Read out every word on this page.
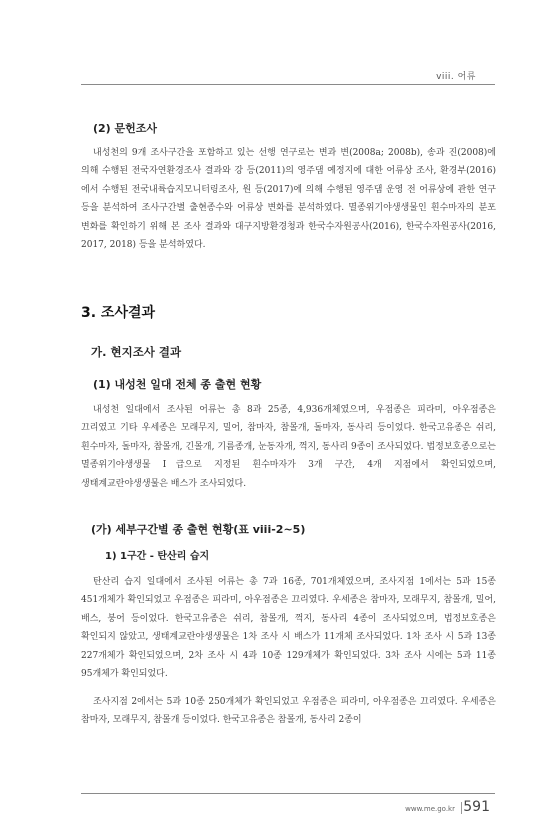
viii. 어류
(2) 문헌조사
내성천의 9개 조사구간을 포함하고 있는 선행 연구로는 변과 변(2008a; 2008b), 송과 진(2008)에 의해 수행된 전국자연환경조사 결과와 강 등(2011)의 영주댐 예정지에 대한 어류상 조사, 환경부(2016)에서 수행된 전국내륙습지모니터링조사, 원 등(2017)에 의해 수행된 영주댐 운영 전 어류상에 관한 연구 등을 분석하여 조사구간별 출현종수와 어류상 변화를 분석하였다. 멸종위기야생생물인 흰수마자의 분포 변화를 확인하기 위해 본 조사 결과와 대구지방환경청과 한국수자원공사(2016), 한국수자원공사(2016, 2017, 2018) 등을 분석하였다.
3. 조사결과
가. 현지조사 결과
(1) 내성천 일대 전체 종 출현 현황
내성천 일대에서 조사된 어류는 총 8과 25종, 4,936개체였으며, 우점종은 피라미, 아우점종은 끄리였고 기타 우세종은 모래무지, 밀어, 참마자, 참몰개, 돌마자, 동사리 등이었다. 한국고유종은 쉬리, 흰수마자, 돌마자, 참몰개, 긴몰개, 기름종개, 눈동자개, 꺽지, 동사리 9종이 조사되었다. 법정보호종으로는 멸종위기야생생물 Ⅰ급으로 지정된 흰수마자가 3개 구간, 4개 지점에서 확인되었으며, 생태계교란야생생물은 배스가 조사되었다.
(가) 세부구간별 종 출현 현황(표 viii-2~5)
1) 1구간 - 탄산리 습지
탄산리 습지 일대에서 조사된 어류는 총 7과 16종, 701개체였으며, 조사지점 1에서는 5과 15종 451개체가 확인되었고 우점종은 피라미, 아우점종은 끄리였다. 우세종은 참마자, 모래무지, 참몰개, 밀어, 배스, 붕어 등이었다. 한국고유종은 쉬리, 참몰개, 꺽지, 동사리 4종이 조사되었으며, 법정보호종은 확인되지 않았고, 생태계교란야생생물은 1차 조사 시 배스가 11개체 조사되었다. 1차 조사 시 5과 13종 227개체가 확인되었으며, 2차 조사 시 4과 10종 129개체가 확인되었다. 3차 조사 시에는 5과 11종 95개체가 확인되었다.
조사지점 2에서는 5과 10종 250개체가 확인되었고 우점종은 피라미, 아우점종은 끄리였다. 우세종은 참마자, 모래무지, 참몰개 등이었다. 한국고유종은 참몰개, 동사리 2종이
www.me.go.kr 591
